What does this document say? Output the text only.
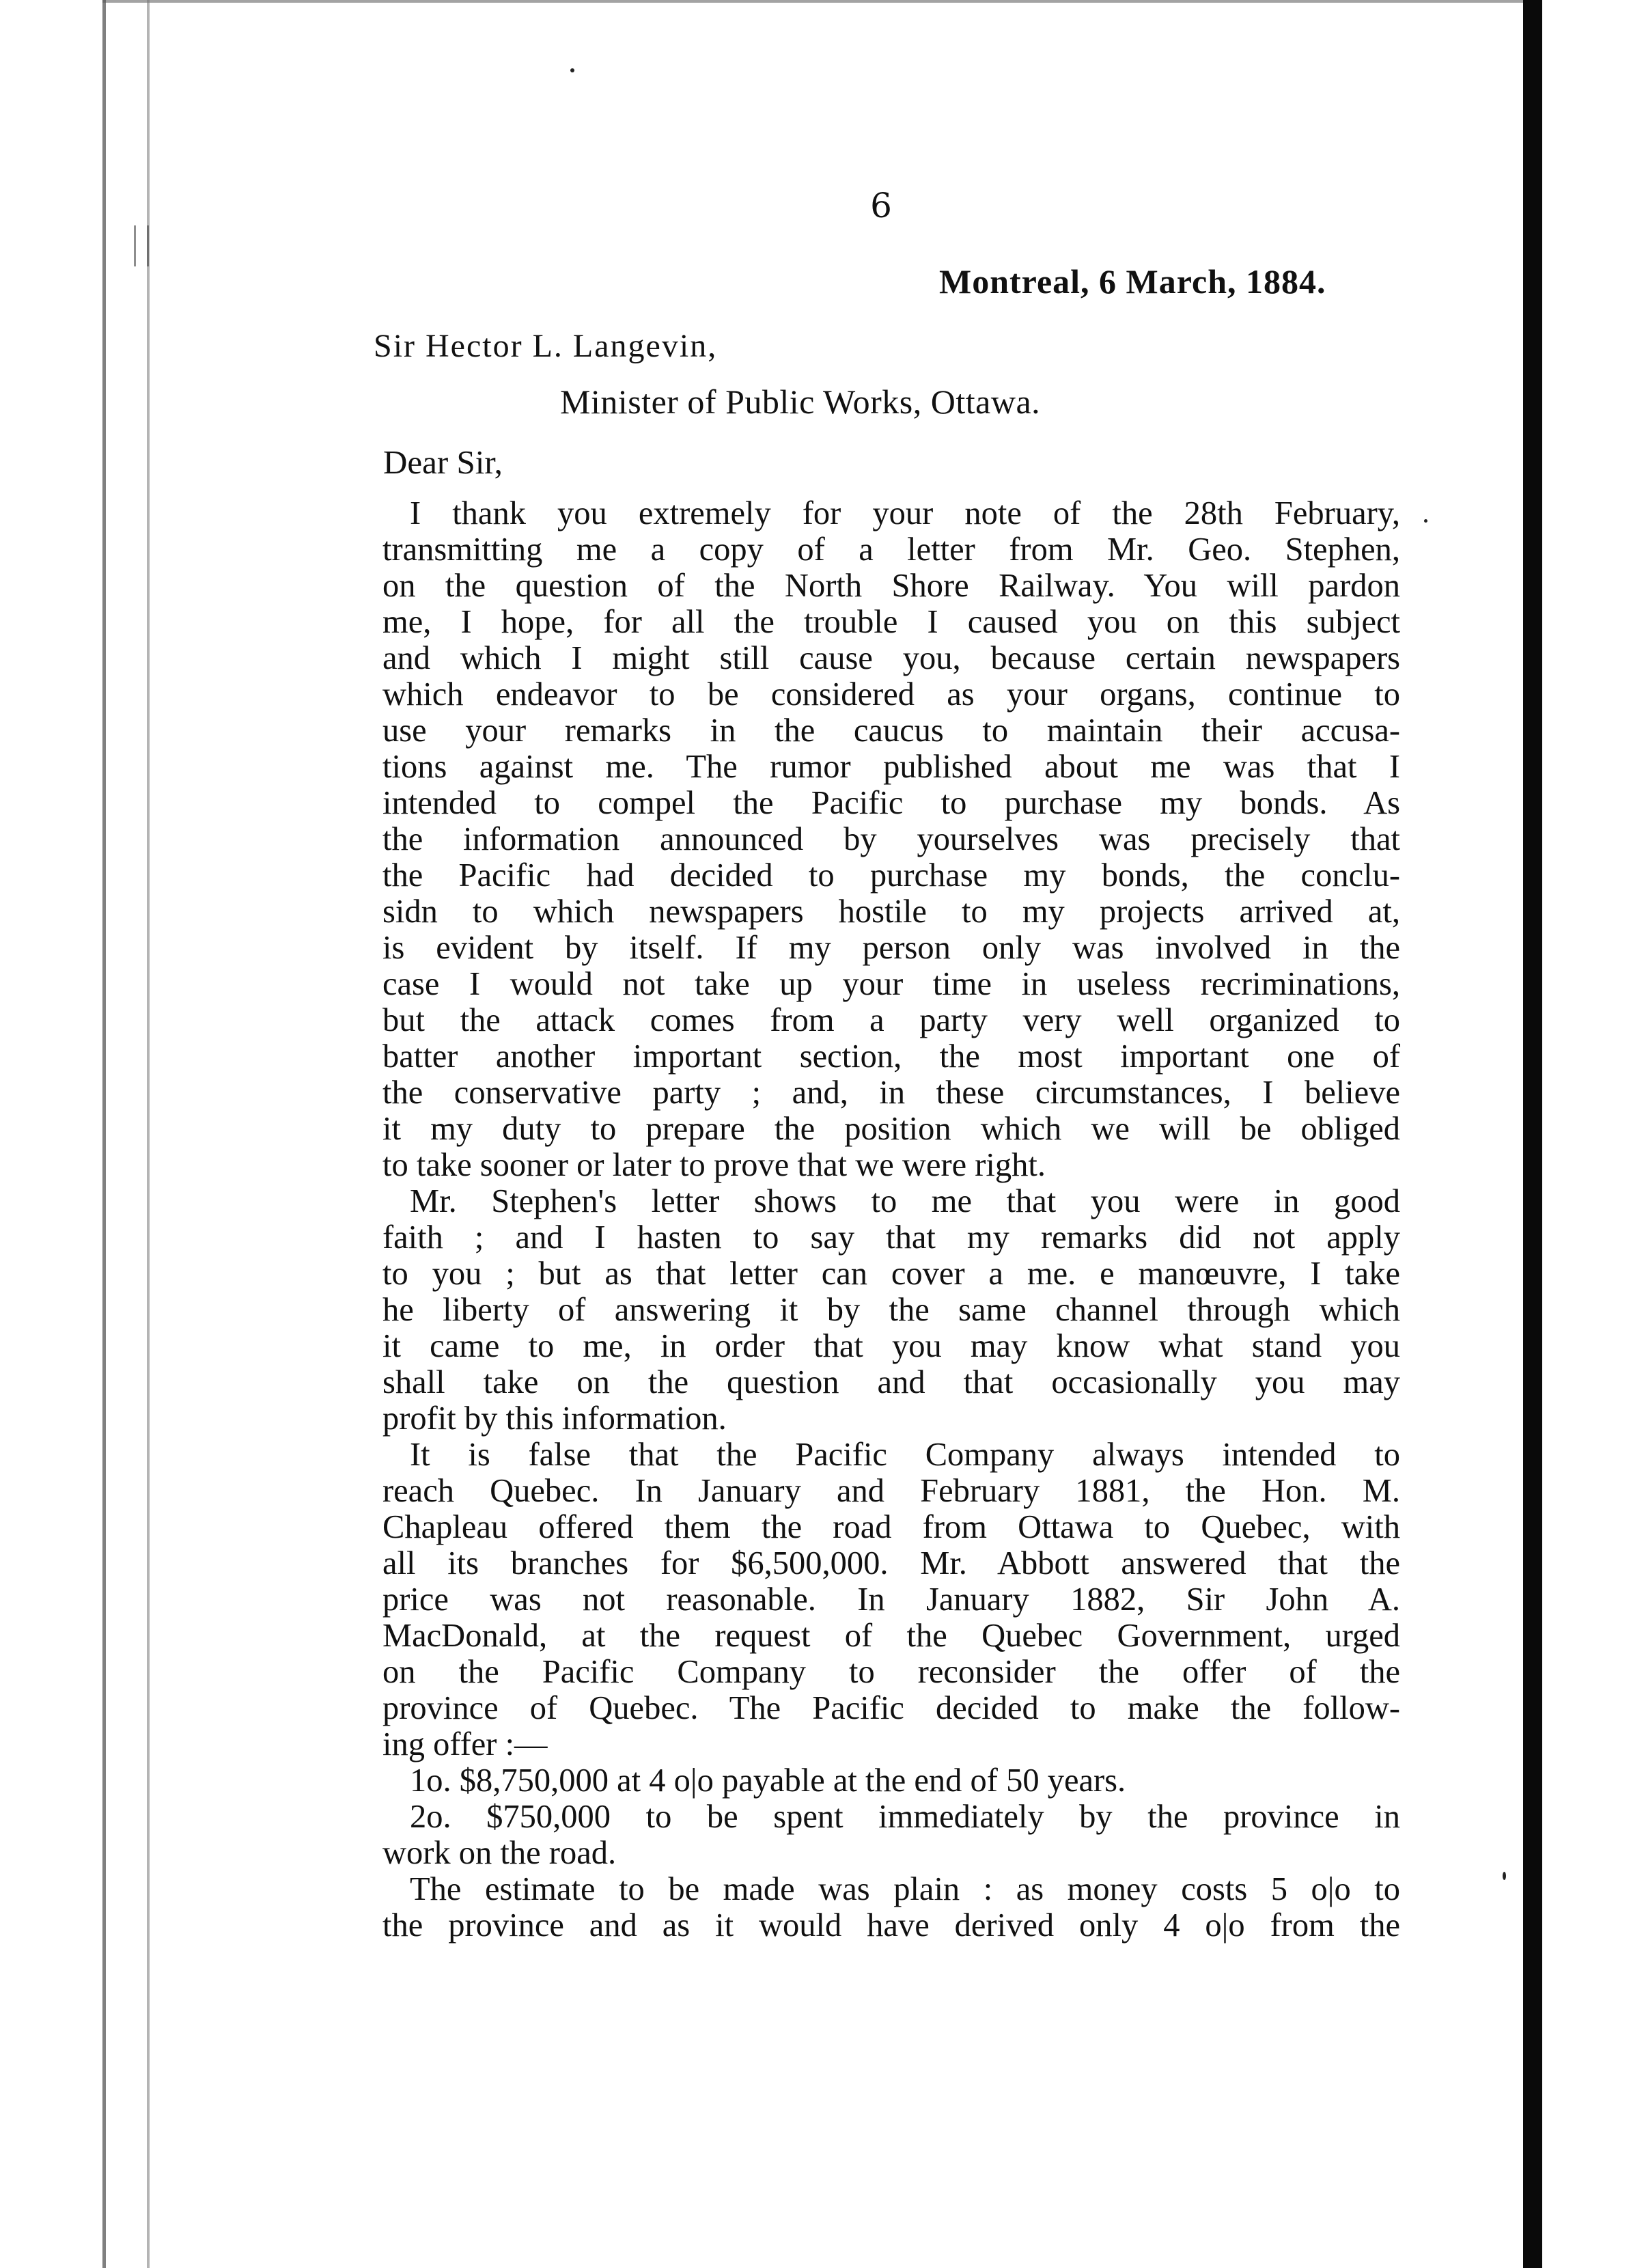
6

Montreal, 6 March, 1884.

Sir Hector L. Langevin,

Minister of Public Works, Ottawa.

Dear Sir,

I thank you extremely for your note of the 28th February,
transmitting me a copy of a letter from Mr. Geo. Stephen,
on the question of the North Shore Railway. You will pardon
me, I hope, for all the trouble I caused you on this subject
and which I might still cause you, because certain newspapers
which endeavor to be considered as your organs, continue to
use your remarks in the caucus to maintain their accusa-
tions against me. The rumor published about me was that I
intended to compel the Pacific to purchase my bonds. As
the information announced by yourselves was precisely that
the Pacific had decided to purchase my bonds, the conclu-
sidn to which newspapers hostile to my projects arrived at,
is evident by itself. If my person only was involved in the
case I would not take up your time in useless recriminations,
but the attack comes from a party very well organized to
batter another important section, the most important one of
the conservative party ; and, in these circumstances, I believe
it my duty to prepare the position which we will be obliged
to take sooner or later to prove that we were right.
Mr. Stephen's letter shows to me that you were in good
faith ; and I hasten to say that my remarks did not apply
to you ; but as that letter can cover a me. e manœuvre, I take
he liberty of answering it by the same channel through which
it came to me, in order that you may know what stand you
shall take on the question and that occasionally you may
profit by this information.
It is false that the Pacific Company always intended to
reach Quebec. In January and February 1881, the Hon. M.
Chapleau offered them the road from Ottawa to Quebec, with
all its branches for $6,500,000. Mr. Abbott answered that the
price was not reasonable. In January 1882, Sir John A.
MacDonald, at the request of the Quebec Government, urged
on the Pacific Company to reconsider the offer of the
province of Quebec. The Pacific decided to make the follow-
ing offer :—
1o. $8,750,000 at 4 o|o payable at the end of 50 years.
2o. $750,000 to be spent immediately by the province in
work on the road.
The estimate to be made was plain : as money costs 5 o|o to
the province and as it would have derived only 4 o|o from the
